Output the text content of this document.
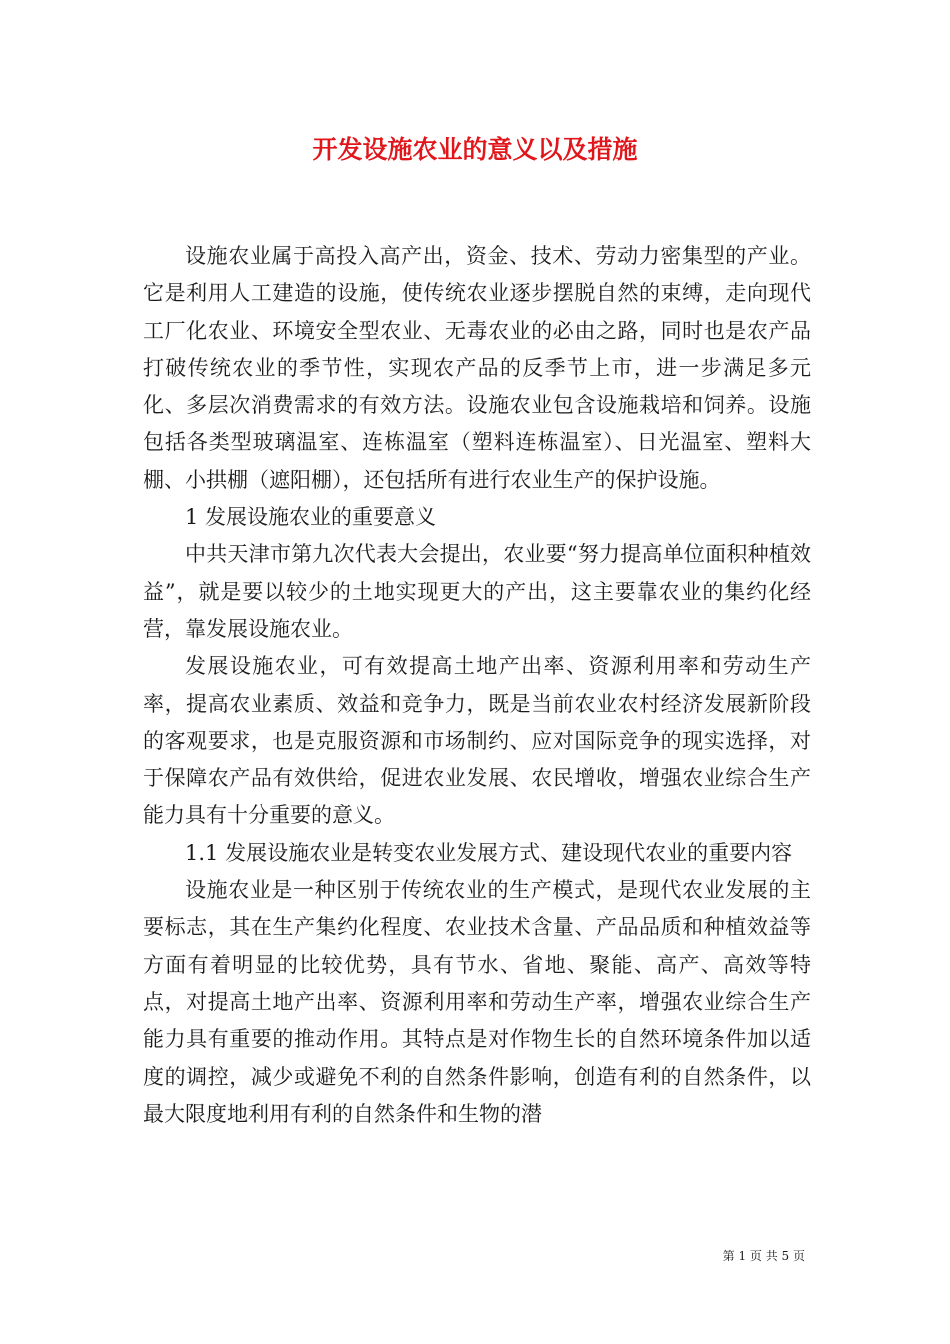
开发设施农业的意义以及措施

设施农业属于高投入高产出，资金、技术、劳动力密集型的产业。它是利用人工建造的设施，使传统农业逐步摆脱自然的束缚，走向现代工厂化农业、环境安全型农业、无毒农业的必由之路，同时也是农产品打破传统农业的季节性，实现农产品的反季节上市，进一步满足多元化、多层次消费需求的有效方法。设施农业包含设施栽培和饲养。设施包括各类型玻璃温室、连栋温室（塑料连栋温室）、日光温室、塑料大棚、小拱棚（遮阳棚），还包括所有进行农业生产的保护设施。

1 发展设施农业的重要意义

中共天津市第九次代表大会提出，农业要“努力提高单位面积种植效益”，就是要以较少的土地实现更大的产出，这主要靠农业的集约化经营，靠发展设施农业。

发展设施农业，可有效提高土地产出率、资源利用率和劳动生产率，提高农业素质、效益和竞争力，既是当前农业农村经济发展新阶段的客观要求，也是克服资源和市场制约、应对国际竞争的现实选择，对于保障农产品有效供给，促进农业发展、农民增收，增强农业综合生产能力具有十分重要的意义。

1.1 发展设施农业是转变农业发展方式、建设现代农业的重要内容

设施农业是一种区别于传统农业的生产模式，是现代农业发展的主要标志，其在生产集约化程度、农业技术含量、产品品质和种植效益等方面有着明显的比较优势，具有节水、省地、聚能、高产、高效等特点，对提高土地产出率、资源利用率和劳动生产率，增强农业综合生产能力具有重要的推动作用。其特点是对作物生长的自然环境条件加以适度的调控，减少或避免不利的自然条件影响，创造有利的自然条件，以最大限度地利用有利的自然条件和生物的潜

第 1 页 共 5 页
